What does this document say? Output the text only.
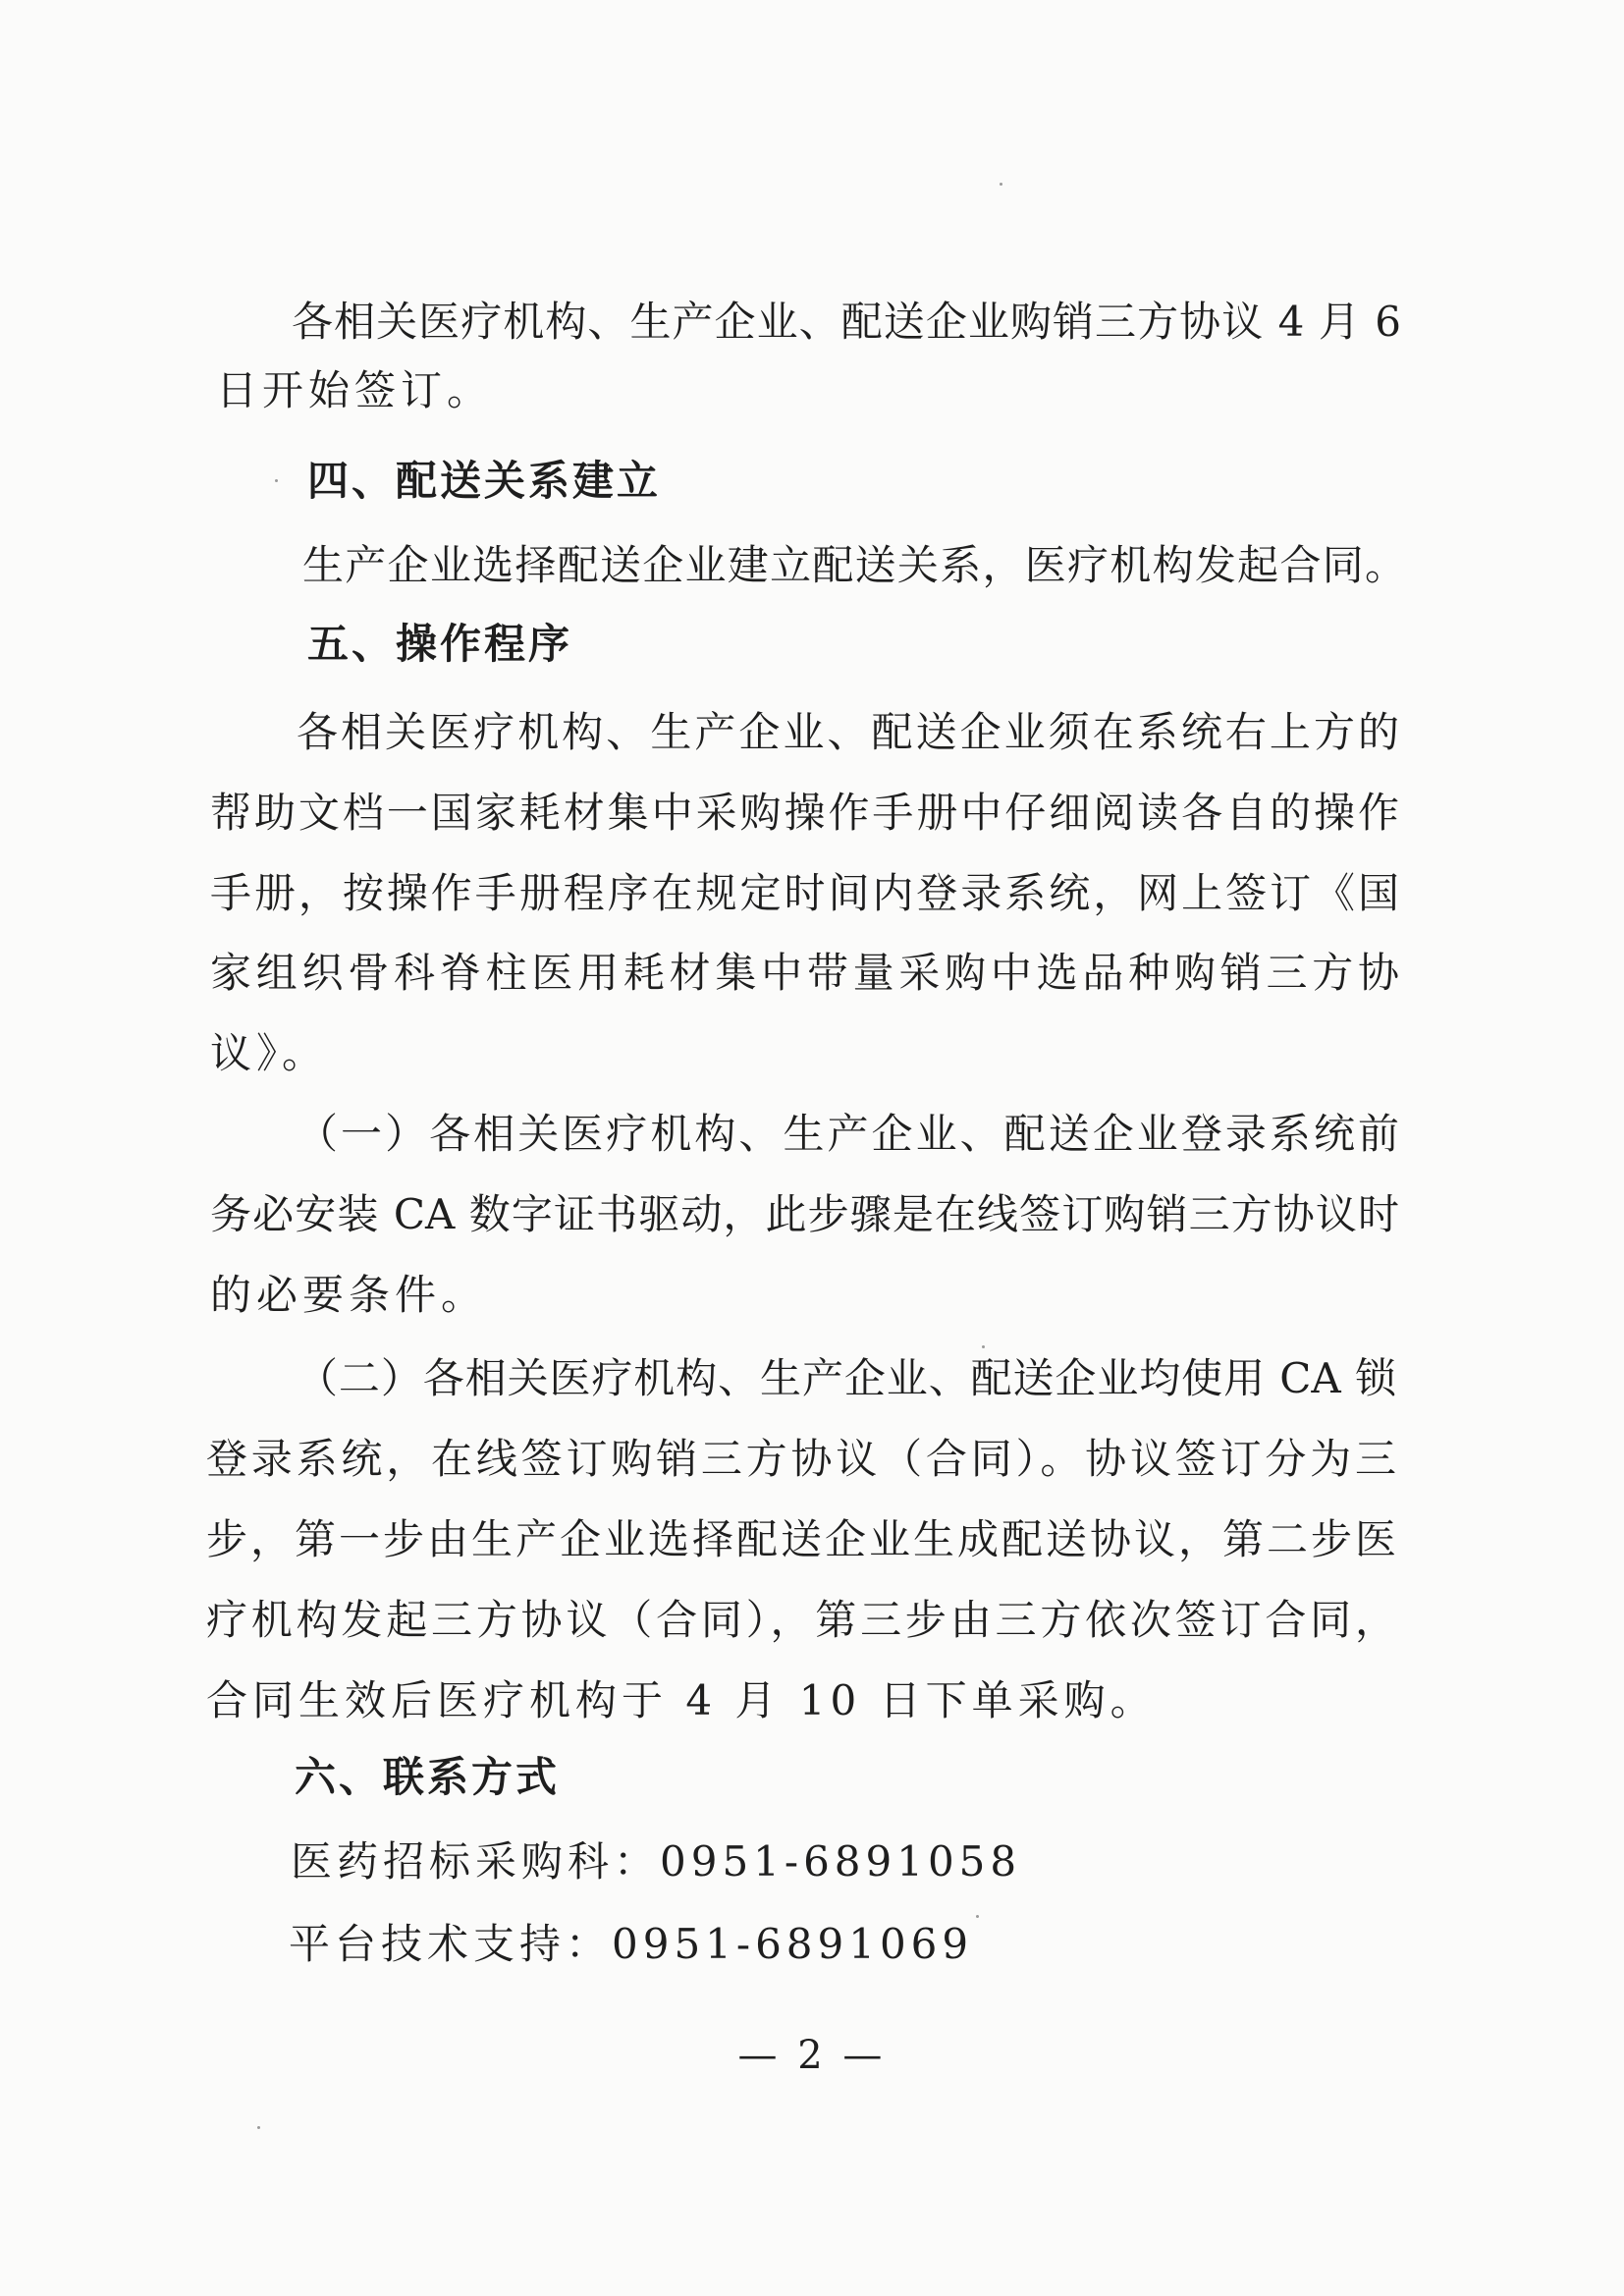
各相关医疗机构、生产企业、配送企业购销三方协议 4 月 6
日开始签订。
四、配送关系建立
生产企业选择配送企业建立配送关系，医疗机构发起合同。
五、操作程序
各相关医疗机构、生产企业、配送企业须在系统右上方的
帮助文档一国家耗材集中采购操作手册中仔细阅读各自的操作
手册，按操作手册程序在规定时间内登录系统，网上签订《国
家组织骨科脊柱医用耗材集中带量采购中选品种购销三方协
议》。
（一）各相关医疗机构、生产企业、配送企业登录系统前
务必安装 CA 数字证书驱动，此步骤是在线签订购销三方协议时
的必要条件。
（二）各相关医疗机构、生产企业、配送企业均使用 CA 锁
登录系统，在线签订购销三方协议（合同）。协议签订分为三
步，第一步由生产企业选择配送企业生成配送协议，第二步医
疗机构发起三方协议（合同），第三步由三方依次签订合同，
合同生效后医疗机构于 4 月 10 日下单采购。
六、联系方式
医药招标采购科：0951-6891058
平台技术支持：0951-6891069
— 2 —
